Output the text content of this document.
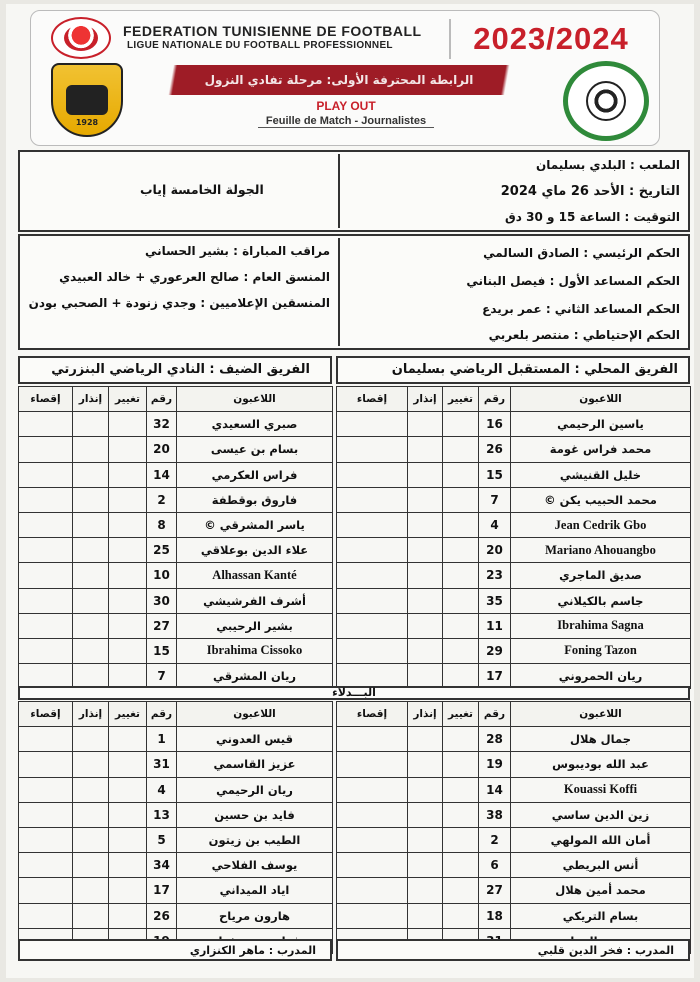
FEDERATION TUNISIENNE DE FOOTBALL
LIGUE NATIONALE DU FOOTBALL PROFESSIONNEL	2023/2024
الرابطة المحترفة الأولى: مرحلة تفادي النزول
PLAY OUT
Feuille de Match - Journalistes
1928
الجولة الخامسة إياب
الملعب : البلدي بسليمان
التاريخ : الأحد 26 ماي 2024
التوقيت : الساعة 15 و 30 دق
مراقب المباراة : بشير الحساني
المنسق العام : صالح العرعوري + خالد العبيدي
المنسقين الإعلاميين : وجدي زنودة + الصحبي بودن
الحكم الرئيسي : الصادق السالمي
الحكم المساعد الأول : فيصل البناني
الحكم المساعد الثاني : عمر بريدع
الحكم الإحتياطي : منتصر بلعربي
الفريق المحلي : المستقبل الرياضي بسليمان
الفريق الضيف : النادي الرياضي البنزرتي
اللاعبون	رقم	تغيير	إنذار	إقصاء
ياسين الرحيمي	16			
محمد فراس غومة	26			
خليل القنيشي	15			
محمد الحبيب يكن ©	7			
Jean Cedrik Gbo	4			
Mariano Ahouangbo	20			
صديق الماجري	23			
جاسم بالكيلاني	35			
Ibrahima Sagna	11			
Foning Tazon	29			
ريان الحمروني	17			
اللاعبون	رقم	تغيير	إنذار	إقصاء
صبري السعيدي	32			
بسام بن عيسى	20			
فراس العكرمي	14			
فاروق بوقطفة	2			
ياسر المشرقي ©	8			
علاء الدين بوعلاقي	25			
Alhassan Kanté	10			
أشرف الفرشيشي	30			
بشير الرحيبي	27			
Ibrahima Cissoko	15			
ريان المشرقي	7			
البـــدلاء
اللاعبون	رقم	تغيير	إنذار	إقصاء
جمال هلال	28			
عبد الله بوديبوس	19			
Kouassi Koffi	14			
زين الدين ساسي	38			
أمان الله المولهي	2			
أنس البريطي	6			
محمد أمين هلال	27			
بسام التريكي	18			

اللاعبون	رقم	تغيير	إنذار	إقصاء
قيس العدوني	1			
عزيز القاسمي	31			
ريان الرحيمي	4			
فايد بن حسين	13			
الطيب بن زيتون	5			
يوسف الفلاحي	34			
اياد الميداني	17			
هارون مرياح	26			

المدرب : فخر الدين قلبي
المدرب : ماهر الكنزاري
